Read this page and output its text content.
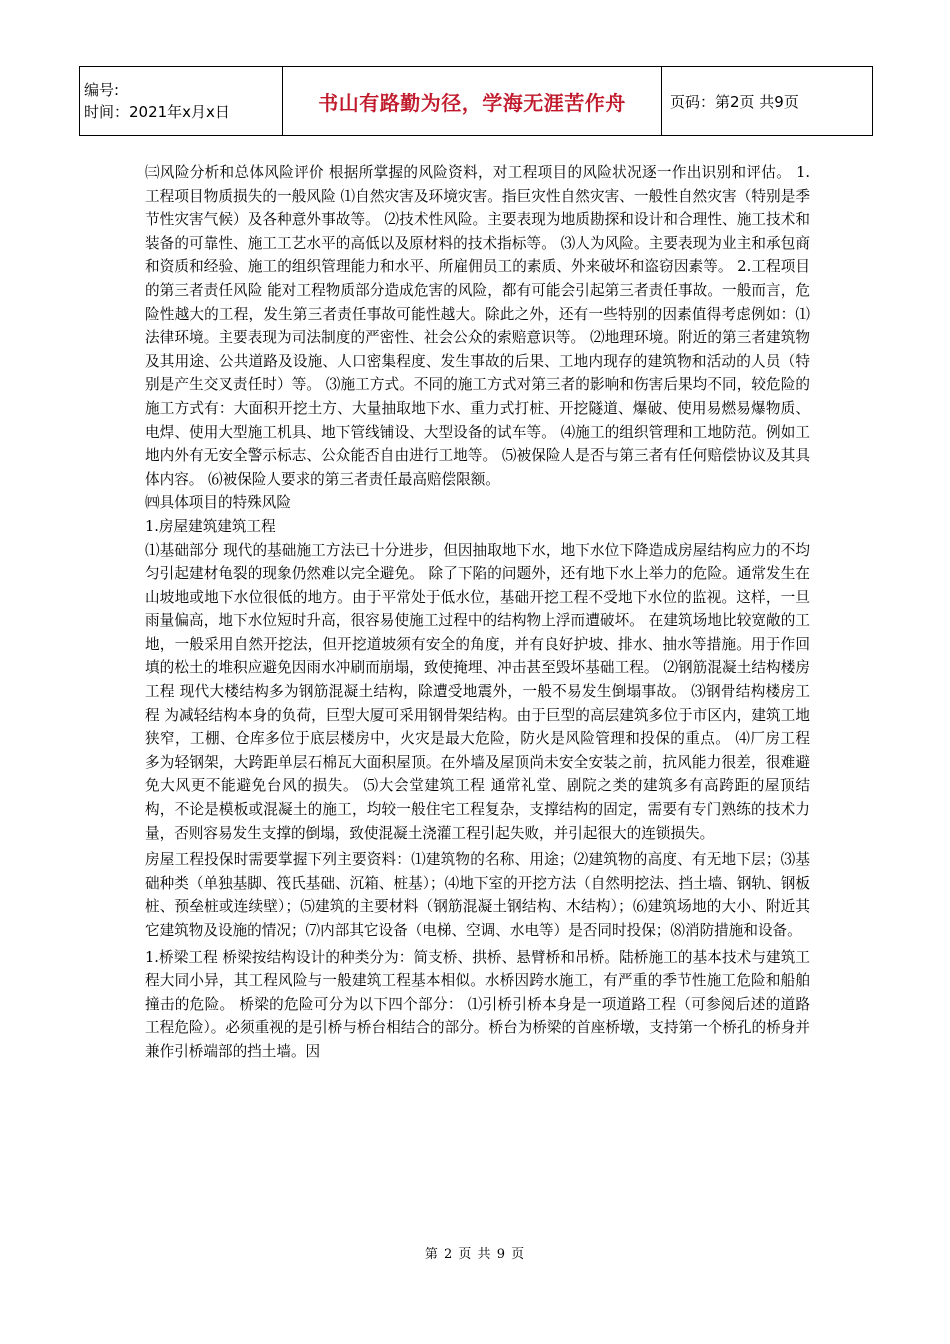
编号:
时间：2021年x月x日	书山有路勤为径，学海无涯苦作舟	页码：第2页 共9页

㈢风险分析和总体风险评价 根据所掌握的风险资料，对工程项目的风险状况逐一作出识别和评估。 1.工程项目物质损失的一般风险 ⑴自然灾害及环境灾害。指巨灾性自然灾害、一般性自然灾害（特别是季节性灾害气候）及各种意外事故等。 ⑵技术性风险。主要表现为地质勘探和设计和合理性、施工技术和装备的可靠性、施工工艺水平的高低以及原材料的技术指标等。 ⑶人为风险。主要表现为业主和承包商和资质和经验、施工的组织管理能力和水平、所雇佣员工的素质、外来破坏和盗窃因素等。 2.工程项目的第三者责任风险 能对工程物质部分造成危害的风险，都有可能会引起第三者责任事故。一般而言，危险性越大的工程，发生第三者责任事故可能性越大。除此之外，还有一些特别的因素值得考虑例如：⑴法律环境。主要表现为司法制度的严密性、社会公众的索赔意识等。 ⑵地理环境。附近的第三者建筑物及其用途、公共道路及设施、人口密集程度、发生事故的后果、工地内现存的建筑物和活动的人员（特别是产生交叉责任时）等。 ⑶施工方式。不同的施工方式对第三者的影响和伤害后果均不同，较危险的施工方式有：大面积开挖土方、大量抽取地下水、重力式打桩、开挖隧道、爆破、使用易燃易爆物质、电焊、使用大型施工机具、地下管线铺设、大型设备的试车等。 ⑷施工的组织管理和工地防范。例如工地内外有无安全警示标志、公众能否自由进行工地等。 ⑸被保险人是否与第三者有任何赔偿协议及其具体内容。 ⑹被保险人要求的第三者责任最高赔偿限额。

㈣具体项目的特殊风险

1.房屋建筑建筑工程

⑴基础部分 现代的基础施工方法已十分进步，但因抽取地下水，地下水位下降造成房屋结构应力的不均匀引起建材龟裂的现象仍然难以完全避免。 除了下陷的问题外，还有地下水上举力的危险。通常发生在山坡地或地下水位很低的地方。由于平常处于低水位，基础开挖工程不受地下水位的监视。这样，一旦雨量偏高，地下水位短时升高，很容易使施工过程中的结构物上浮而遭破坏。 在建筑场地比较宽敞的工地，一般采用自然开挖法，但开挖道坡须有安全的角度，并有良好护坡、排水、抽水等措施。用于作回填的松土的堆积应避免因雨水冲刷而崩塌，致使掩埋、冲击甚至毁坏基础工程。 ⑵钢筋混凝土结构楼房工程 现代大楼结构多为钢筋混凝土结构，除遭受地震外，一般不易发生倒塌事故。 ⑶钢骨结构楼房工程 为减轻结构本身的负荷，巨型大厦可采用钢骨架结构。由于巨型的高层建筑多位于市区内，建筑工地狭窄，工棚、仓库多位于底层楼房中，火灾是最大危险，防火是风险管理和投保的重点。 ⑷厂房工程 多为轻钢架，大跨距单层石棉瓦大面积屋顶。在外墙及屋顶尚未安全安装之前，抗风能力很差，很难避免大风更不能避免台风的损失。 ⑸大会堂建筑工程 通常礼堂、剧院之类的建筑多有高跨距的屋顶结构，不论是模板或混凝土的施工，均较一般住宅工程复杂，支撑结构的固定，需要有专门熟练的技术力量，否则容易发生支撑的倒塌，致使混凝土浇灌工程引起失败，并引起很大的连锁损失。

房屋工程投保时需要掌握下列主要资料：⑴建筑物的名称、用途；⑵建筑物的高度、有无地下层；⑶基础种类（单独基脚、筏氏基础、沉箱、桩基）；⑷地下室的开挖方法（自然明挖法、挡土墙、钢轨、钢板桩、预垒桩或连续壁）；⑸建筑的主要材料（钢筋混凝土钢结构、木结构）；⑹建筑场地的大小、附近其它建筑物及设施的情况；⑺内部其它设备（电梯、空调、水电等）是否同时投保；⑻消防措施和设备。

1.桥梁工程 桥梁按结构设计的种类分为：简支桥、拱桥、悬臂桥和吊桥。陆桥施工的基本技术与建筑工程大同小异，其工程风险与一般建筑工程基本相似。水桥因跨水施工，有严重的季节性施工危险和船舶撞击的危险。 桥梁的危险可分为以下四个部分： ⑴引桥引桥本身是一项道路工程（可参阅后述的道路工程危险）。必须重视的是引桥与桥台相结合的部分。桥台为桥梁的首座桥墩，支持第一个桥孔的桥身并兼作引桥端部的挡土墙。因

第 2 页 共 9 页
